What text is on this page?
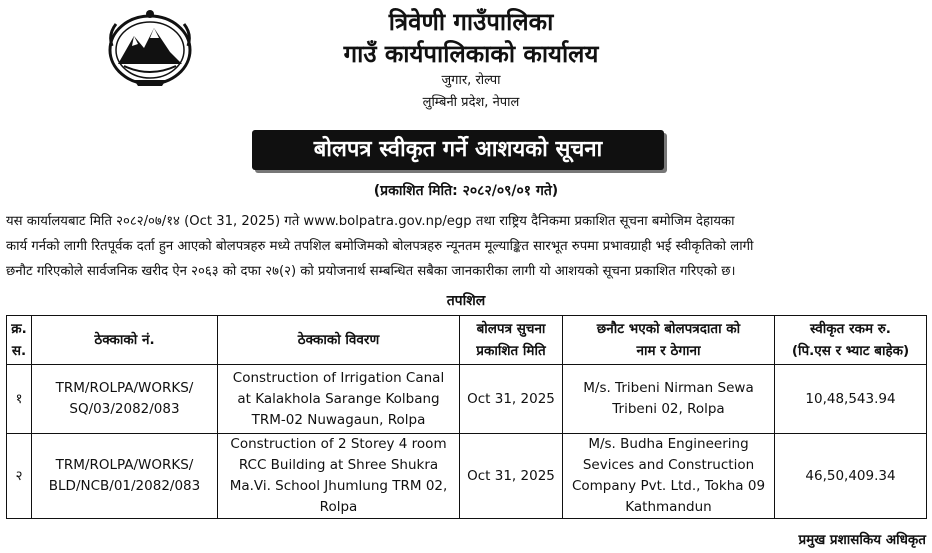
त्रिवेणी गाउँपालिका
गाउँ कार्यपालिकाको कार्यालय
जुगार, रोल्पा
लुम्बिनी प्रदेश, नेपाल
बोलपत्र स्वीकृत गर्ने आशयको सूचना
(प्रकाशित मिति: २०८२/०९/०१ गते)
यस कार्यालयबाट मिति २०८२/०७/१४ (Oct 31, 2025) गते www.bolpatra.gov.np/egp तथा राष्ट्रिय दैनिकमा प्रकाशित सूचना बमोजिम देहायका
कार्य गर्नको लागी रितपूर्वक दर्ता हुन आएको बोलपत्रहरु मध्ये तपशिल बमोजिमको बोलपत्रहरु न्यूनतम मूल्याङ्कित सारभूत रुपमा प्रभावग्राही भई स्वीकृतिको लागी
छनौट गरिएकोले सार्वजनिक खरीद ऐन २०६३ को दफा २७(२) को प्रयोजनार्थ सम्बन्धित सबैका जानकारीका लागी यो आशयको सूचना प्रकाशित गरिएको छ।
तपशिल
क्र.
स.	ठेक्काको नं.	ठेक्काको विवरण	बोलपत्र सुचना
प्रकाशित मिति	छनौट भएको बोलपत्रदाता को
नाम र ठेगाना	स्वीकृत रकम रु.
(पि.एस र भ्याट बाहेक)
१	TRM/ROLPA/WORKS/
SQ/03/2082/083	Construction of Irrigation Canal
at Kalakhola Sarange Kolbang
TRM-02 Nuwagaun, Rolpa	Oct 31, 2025	M/s. Tribeni Nirman Sewa
Tribeni 02, Rolpa	10,48,543.94
२	TRM/ROLPA/WORKS/
BLD/NCB/01/2082/083	Construction of 2 Storey 4 room
RCC Building at Shree Shukra
Ma.Vi. School Jhumlung TRM 02,
Rolpa	Oct 31, 2025	M/s. Budha Engineering
Sevices and Construction
Company Pvt. Ltd., Tokha 09
Kathmandun	46,50,409.34
प्रमुख प्रशासकिय अधिकृत
